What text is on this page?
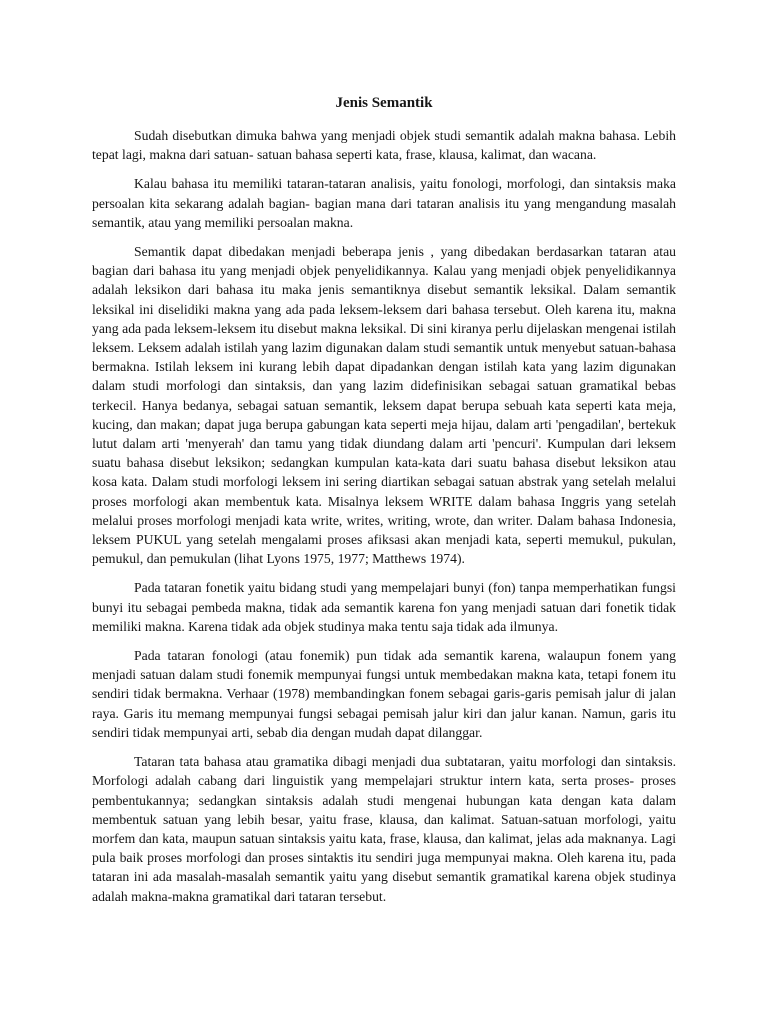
Jenis Semantik

Sudah disebutkan dimuka bahwa yang menjadi objek studi semantik adalah makna bahasa. Lebih tepat lagi, makna dari satuan- satuan bahasa seperti kata, frase, klausa, kalimat, dan wacana.

Kalau bahasa itu memiliki tataran-tataran analisis, yaitu fonologi, morfologi, dan sintaksis maka persoalan kita sekarang adalah bagian- bagian mana dari tataran analisis itu yang mengandung masalah semantik, atau yang memiliki persoalan makna.

Semantik dapat dibedakan menjadi beberapa jenis , yang dibedakan berdasarkan tataran atau bagian dari bahasa itu yang menjadi objek penyelidikannya. Kalau yang menjadi objek penyelidikannya adalah leksikon dari bahasa itu maka jenis semantiknya disebut semantik leksikal. Dalam semantik leksikal ini diselidiki makna yang ada pada leksem-leksem dari bahasa tersebut. Oleh karena itu, makna yang ada pada leksem-leksem itu disebut makna leksikal. Di sini kiranya perlu dijelaskan mengenai istilah leksem. Leksem adalah istilah yang lazim digunakan dalam studi semantik untuk menyebut satuan-bahasa bermakna. Istilah leksem ini kurang lebih dapat dipadankan dengan istilah kata yang lazim digunakan dalam studi morfologi dan sintaksis, dan yang lazim didefinisikan sebagai satuan gramatikal bebas terkecil. Hanya bedanya, sebagai satuan semantik, leksem dapat berupa sebuah kata seperti kata meja, kucing, dan makan; dapat juga berupa gabungan kata seperti meja hijau, dalam arti 'pengadilan', bertekuk lutut dalam arti 'menyerah' dan tamu yang tidak diundang dalam arti 'pencuri'. Kumpulan dari leksem suatu bahasa disebut leksikon; sedangkan kumpulan kata-kata dari suatu bahasa disebut leksikon atau kosa kata. Dalam studi morfologi leksem ini sering diartikan sebagai satuan abstrak yang setelah melalui proses morfologi akan membentuk kata. Misalnya leksem WRITE dalam bahasa Inggris yang setelah melalui proses morfologi menjadi kata write, writes, writing, wrote, dan writer. Dalam bahasa Indonesia, leksem PUKUL yang setelah mengalami proses afiksasi akan menjadi kata, seperti memukul, pukulan, pemukul, dan pemukulan (lihat Lyons 1975, 1977; Matthews 1974).

Pada tataran fonetik yaitu bidang studi yang mempelajari bunyi (fon) tanpa memperhatikan fungsi bunyi itu sebagai pembeda makna, tidak ada semantik karena fon yang menjadi satuan dari fonetik tidak memiliki makna. Karena tidak ada objek studinya maka tentu saja tidak ada ilmunya.

Pada tataran fonologi (atau fonemik) pun tidak ada semantik karena, walaupun fonem yang menjadi satuan dalam studi fonemik mempunyai fungsi untuk membedakan makna kata, tetapi fonem itu sendiri tidak bermakna. Verhaar (1978) membandingkan fonem sebagai garis-garis pemisah jalur di jalan raya. Garis itu memang mempunyai fungsi sebagai pemisah jalur kiri dan jalur kanan. Namun, garis itu sendiri tidak mempunyai arti, sebab dia dengan mudah dapat dilanggar.

Tataran tata bahasa atau gramatika dibagi menjadi dua subtataran, yaitu morfologi dan sintaksis. Morfologi adalah cabang dari linguistik yang mempelajari struktur intern kata, serta proses- proses pembentukannya; sedangkan sintaksis adalah studi mengenai hubungan kata dengan kata dalam membentuk satuan yang lebih besar, yaitu frase, klausa, dan kalimat. Satuan-satuan morfologi, yaitu morfem dan kata, maupun satuan sintaksis yaitu kata, frase, klausa, dan kalimat, jelas ada maknanya. Lagi pula baik proses morfologi dan proses sintaktis itu sendiri juga mempunyai makna. Oleh karena itu, pada tataran ini ada masalah-masalah semantik yaitu yang disebut semantik gramatikal karena objek studinya adalah makna-makna gramatikal dari tataran tersebut.
